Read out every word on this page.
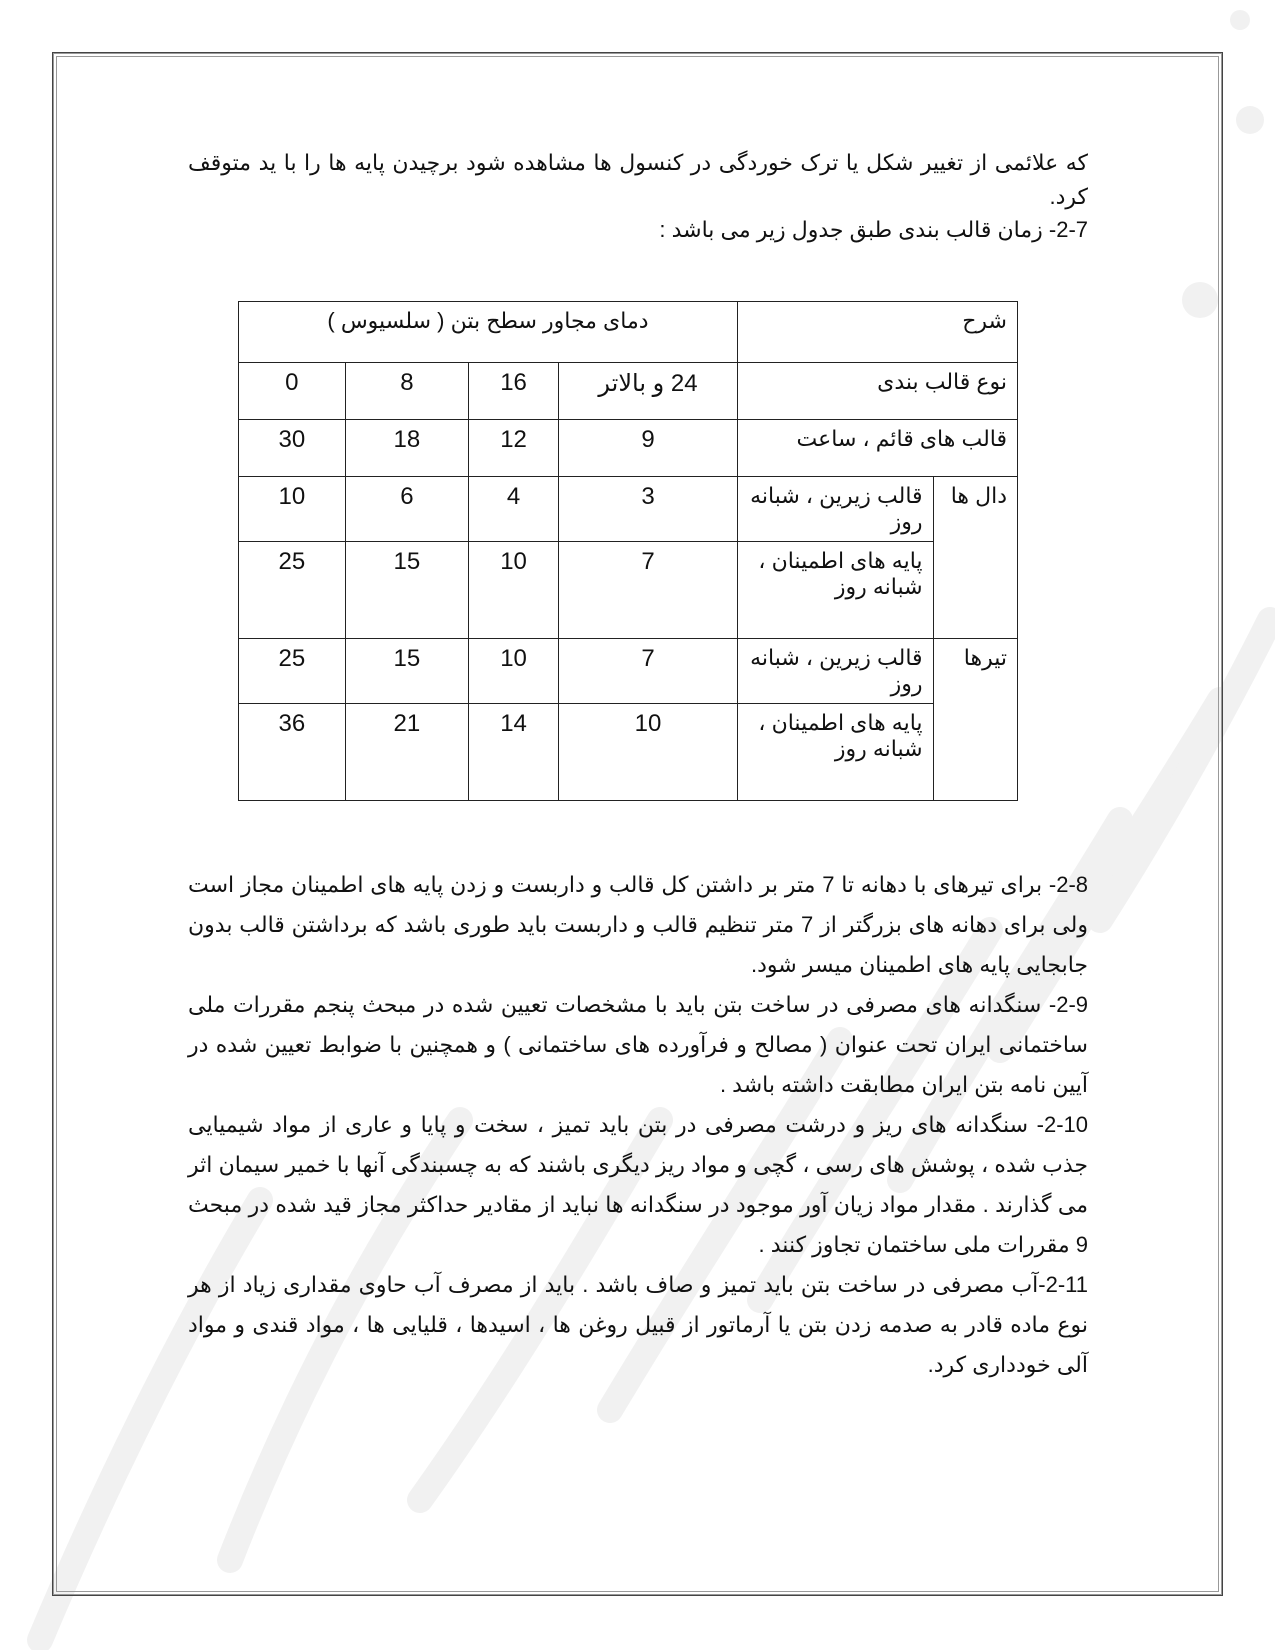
که علائمی از تغییر شکل یا ترک خوردگی در کنسول ها مشاهده شود برچیدن پایه ها را با ید متوقف کرد.

2-7- زمان قالب بندی طبق جدول زیر می باشد :

شرح		دمای مجاور سطح بتن ( سلسیوس )			
نوع قالب بندی		24 و بالاتر	16	8	0
قالب های قائم ، ساعت		9	12	18	30
دال ها	قالب زیرین ، شبانه روز	3	4	6	10
	پایه های اطمینان ، شبانه روز	7	10	15	25
تیرها	قالب زیرین ، شبانه روز	7	10	15	25
	پایه های اطمینان ، شبانه روز	10	14	21	36

2-8- برای تیرهای با دهانه تا 7 متر بر داشتن کل قالب و داربست و زدن پایه های اطمینان مجاز است ولی برای دهانه های بزرگتر از 7 متر تنظیم قالب و داربست باید طوری باشد که برداشتن قالب بدون جابجایی پایه های اطمینان میسر شود.

2-9- سنگدانه های مصرفی در ساخت بتن باید با مشخصات تعیین شده در مبحث پنجم مقررات ملی ساختمانی ایران تحت عنوان ( مصالح و فرآورده های ساختمانی ) و همچنین با ضوابط تعیین شده در آیین نامه بتن ایران مطابقت داشته باشد .

2-10- سنگدانه های ریز و درشت مصرفی در بتن باید تمیز ، سخت و پایا و عاری از مواد شیمیایی جذب شده ، پوشش های رسی ، گچی و مواد ریز دیگری باشند که به چسبندگی آنها با خمیر سیمان اثر می گذارند . مقدار مواد زیان آور موجود در سنگدانه ها نباید از مقادیر حداکثر مجاز قید شده در مبحث 9 مقررات ملی ساختمان تجاوز کنند .

2-11-آب مصرفی در ساخت بتن باید تمیز و صاف باشد . باید از مصرف آب حاوی مقداری زیاد از هر نوع ماده قادر به صدمه زدن بتن یا آرماتور از قبیل روغن ها ، اسیدها ، قلیایی ها ، مواد قندی و مواد آلی خودداری کرد.
